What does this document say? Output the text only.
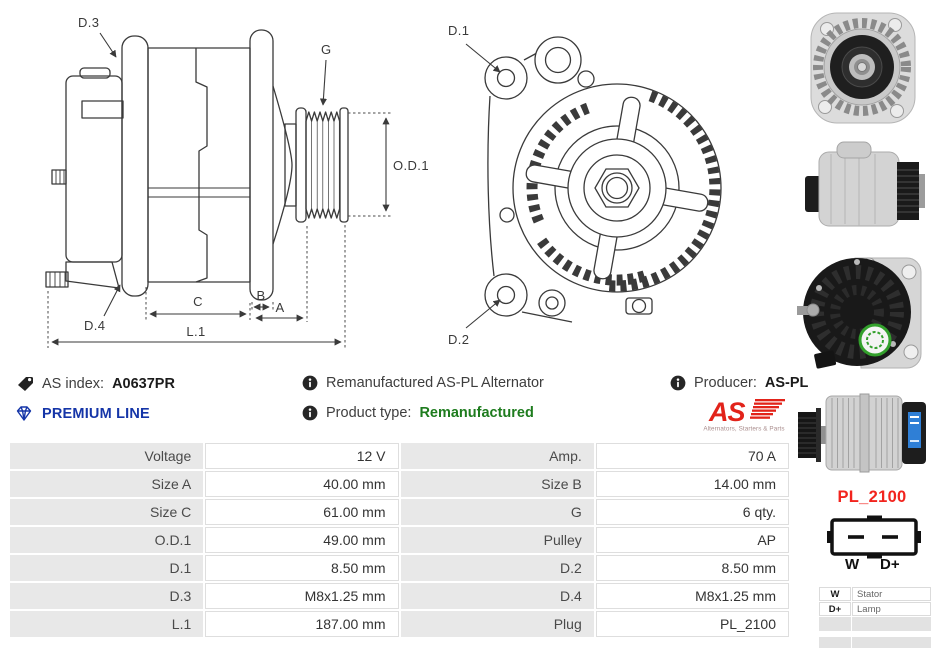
D.3
G
O.D.1
D.4
C	B
A
L.1
D.1
D.2
AS index: A0637PR	Remanufactured AS-PL Alternator	Producer: AS-PL
PREMIUM LINE	Product type: Remanufactured	AS
Alternators, Starters & Parts
Voltage	12 V	Amp.	70 A
Size A	40.00 mm	Size B	14.00 mm
Size C	61.00 mm	G	6 qty.
O.D.1	49.00 mm	Pulley	AP
D.1	8.50 mm	D.2	8.50 mm
D.3	M8x1.25 mm	D.4	M8x1.25 mm
L.1	187.00 mm	Plug	PL_2100
PL_2100
W D+
W	Stator
D+	Lamp
